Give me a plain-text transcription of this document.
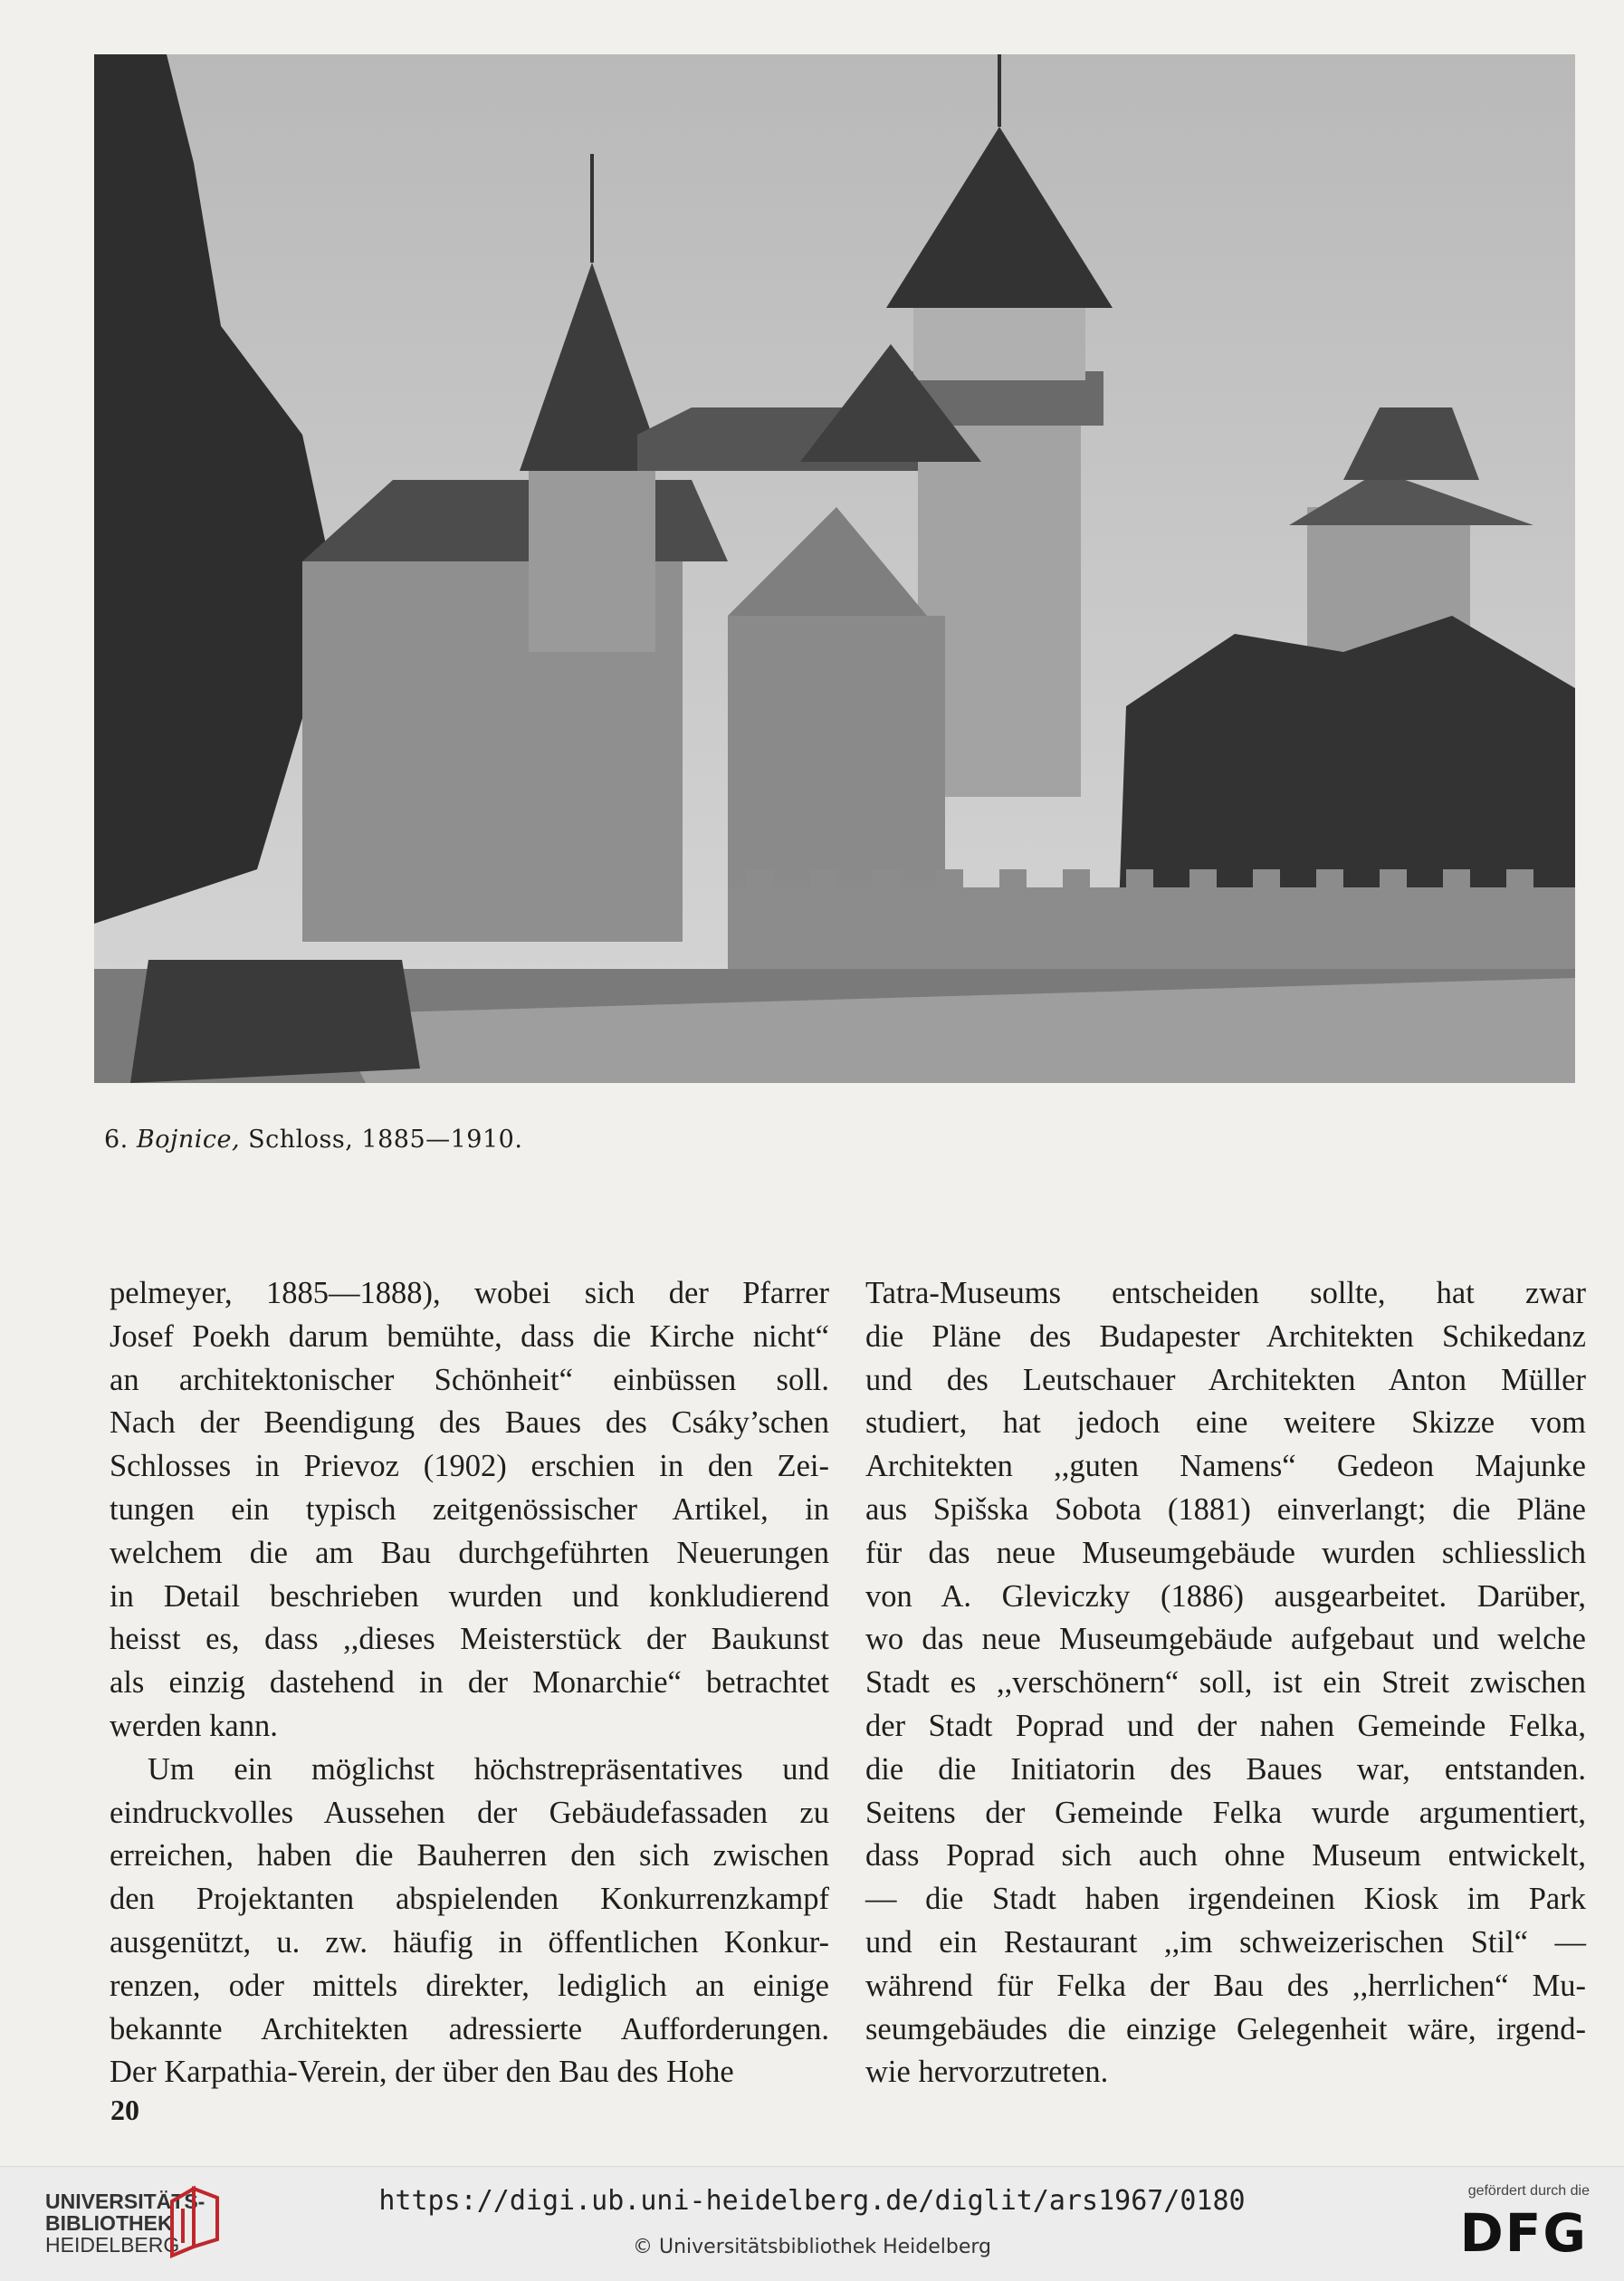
6. Bojnice, Schloss, 1885—1910.
pelmeyer, 1885—1888), wobei sich der Pfarrer
Josef Poekh darum bemühte, dass die Kirche nicht“
an architektonischer Schönheit“ einbüssen soll.
Nach der Beendigung des Baues des Csáky’schen
Schlosses in Prievoz (1902) erschien in den Zei-
tungen ein typisch zeitgenössischer Artikel, in
welchem die am Bau durchgeführten Neuerungen
in Detail beschrieben wurden und konkludierend
heisst es, dass ,,dieses Meisterstück der Baukunst
als einzig dastehend in der Monarchie“ betrachtet
werden kann.
Um ein möglichst höchstrepräsentatives und
eindruckvolles Aussehen der Gebäudefassaden zu
erreichen, haben die Bauherren den sich zwischen
den Projektanten abspielenden Konkurrenzkampf
ausgenützt, u. zw. häufig in öffentlichen Konkur-
renzen, oder mittels direkter, lediglich an einige
bekannte Architekten adressierte Aufforderungen.
Der Karpathia-Verein, der über den Bau des Hohe
Tatra-Museums entscheiden sollte, hat zwar
die Pläne des Budapester Architekten Schikedanz
und des Leutschauer Architekten Anton Müller
studiert, hat jedoch eine weitere Skizze vom
Architekten ,,guten Namens“ Gedeon Majunke
aus Spišska Sobota (1881) einverlangt; die Pläne
für das neue Museumgebäude wurden schliesslich
von A. Gleviczky (1886) ausgearbeitet. Darüber,
wo das neue Museumgebäude aufgebaut und welche
Stadt es ,,verschönern“ soll, ist ein Streit zwischen
der Stadt Poprad und der nahen Gemeinde Felka,
die die Initiatorin des Baues war, entstanden.
Seitens der Gemeinde Felka wurde argumentiert,
dass Poprad sich auch ohne Museum entwickelt,
— die Stadt haben irgendeinen Kiosk im Park
und ein Restaurant ,,im schweizerischen Stil“ —
während für Felka der Bau des ,,herrlichen“ Mu-
seumgebäudes die einzige Gelegenheit wäre, irgend-
wie hervorzutreten.
20
UNIVERSITÄTS-
BIBLIOTHEK
HEIDELBERG
https://digi.ub.uni-heidelberg.de/diglit/ars1967/0180
© Universitätsbibliothek Heidelberg
gefördert durch die
DFG
